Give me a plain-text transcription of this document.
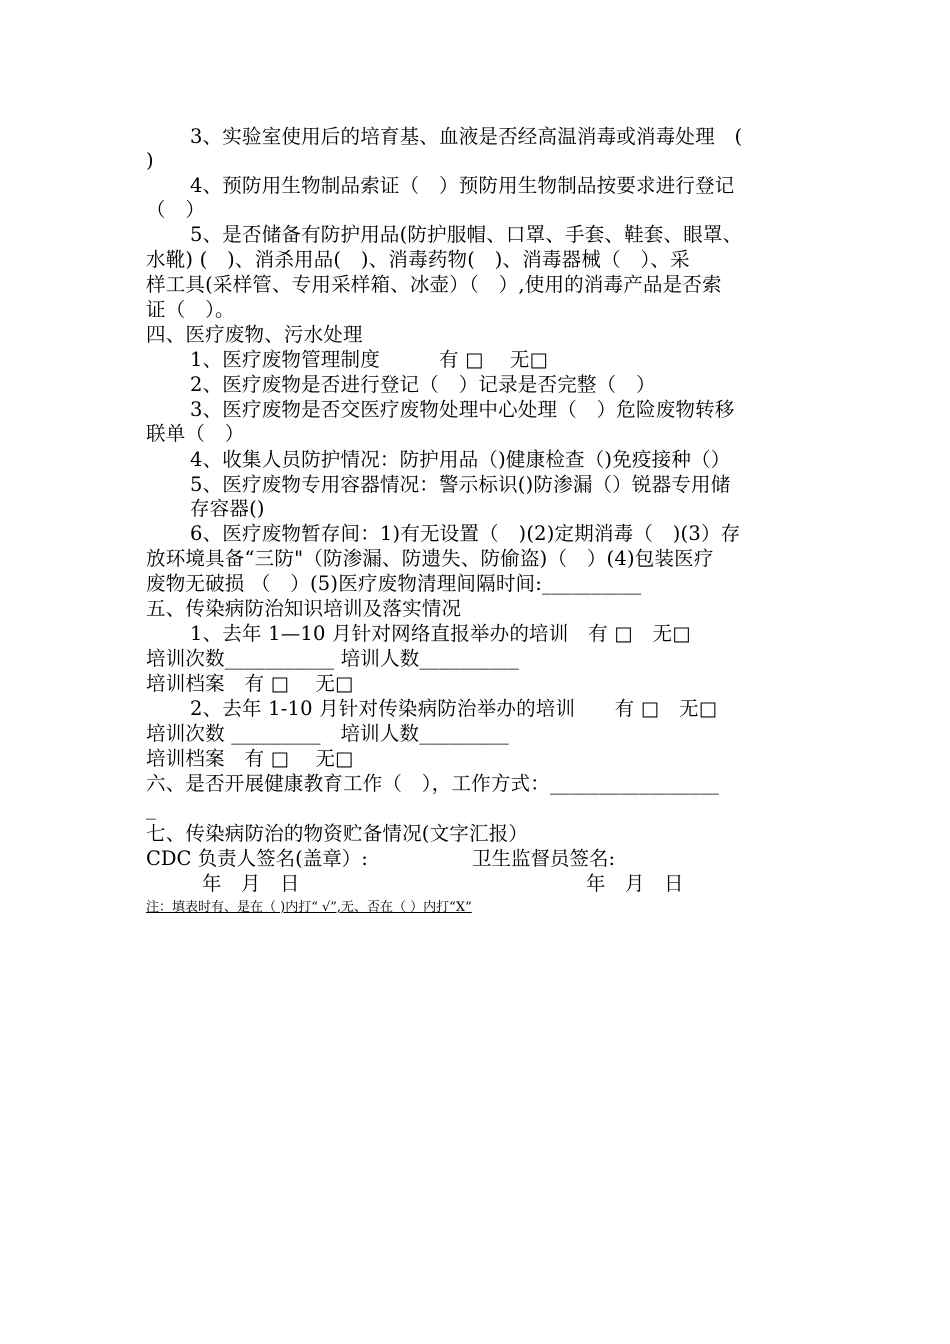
3、实验室使用后的培育基、血液是否经高温消毒或消毒处理　(
)
4、预防用生物制品索证（　）预防用生物制品按要求进行登记
（　）
5、是否储备有防护用品(防护服帽、口罩、手套、鞋套、眼罩、
水靴) (　)、消杀用品(　)、消毒药物(　)、消毒器械（　）、采
样工具(采样管、专用采样箱、冰壶）（　）,使用的消毒产品是否索
证（　）。
四、医疗废物、污水处理
1、医疗废物管理制度　　　有 □　 无□
2、医疗废物是否进行登记（　）记录是否完整（　）
3、医疗废物是否交医疗废物处理中心处理（　）危险废物转移
联单（　）
4、收集人员防护情况：防护用品（)健康检查（)免疫接种（）
5、医疗废物专用容器情况：警示标识()防渗漏（）锐器专用储
存容器()
6、医疗废物暂存间：1)有无设置（　)(2)定期消毒（　)(3）存
放环境具备“三防"（防渗漏、防遗失、防偷盗)（　）(4)包装医疗
废物无破损 （　）(5)医疗废物清理间隔时间:__________
五、传染病防治知识培训及落实情况
1、去年 1—10 月针对网络直报举办的培训　有 □　无□
培训次数___________ 培训人数__________
培训档案　有 □　 无□
2、去年 1-10 月针对传染病防治举办的培训　　有 □　无□
培训次数 _________　培训人数_________
培训档案　有 □　 无□
六、是否开展健康教育工作（　），工作方式：_________________
_
七、传染病防治的物资贮备情况(文字汇报）
CDC 负责人签名(盖章）:	卫生监督员签名:
年　月　日	年　月　日
注：填表时有、是在（ )内打“ √”,无、否在（ ）内打“X”
